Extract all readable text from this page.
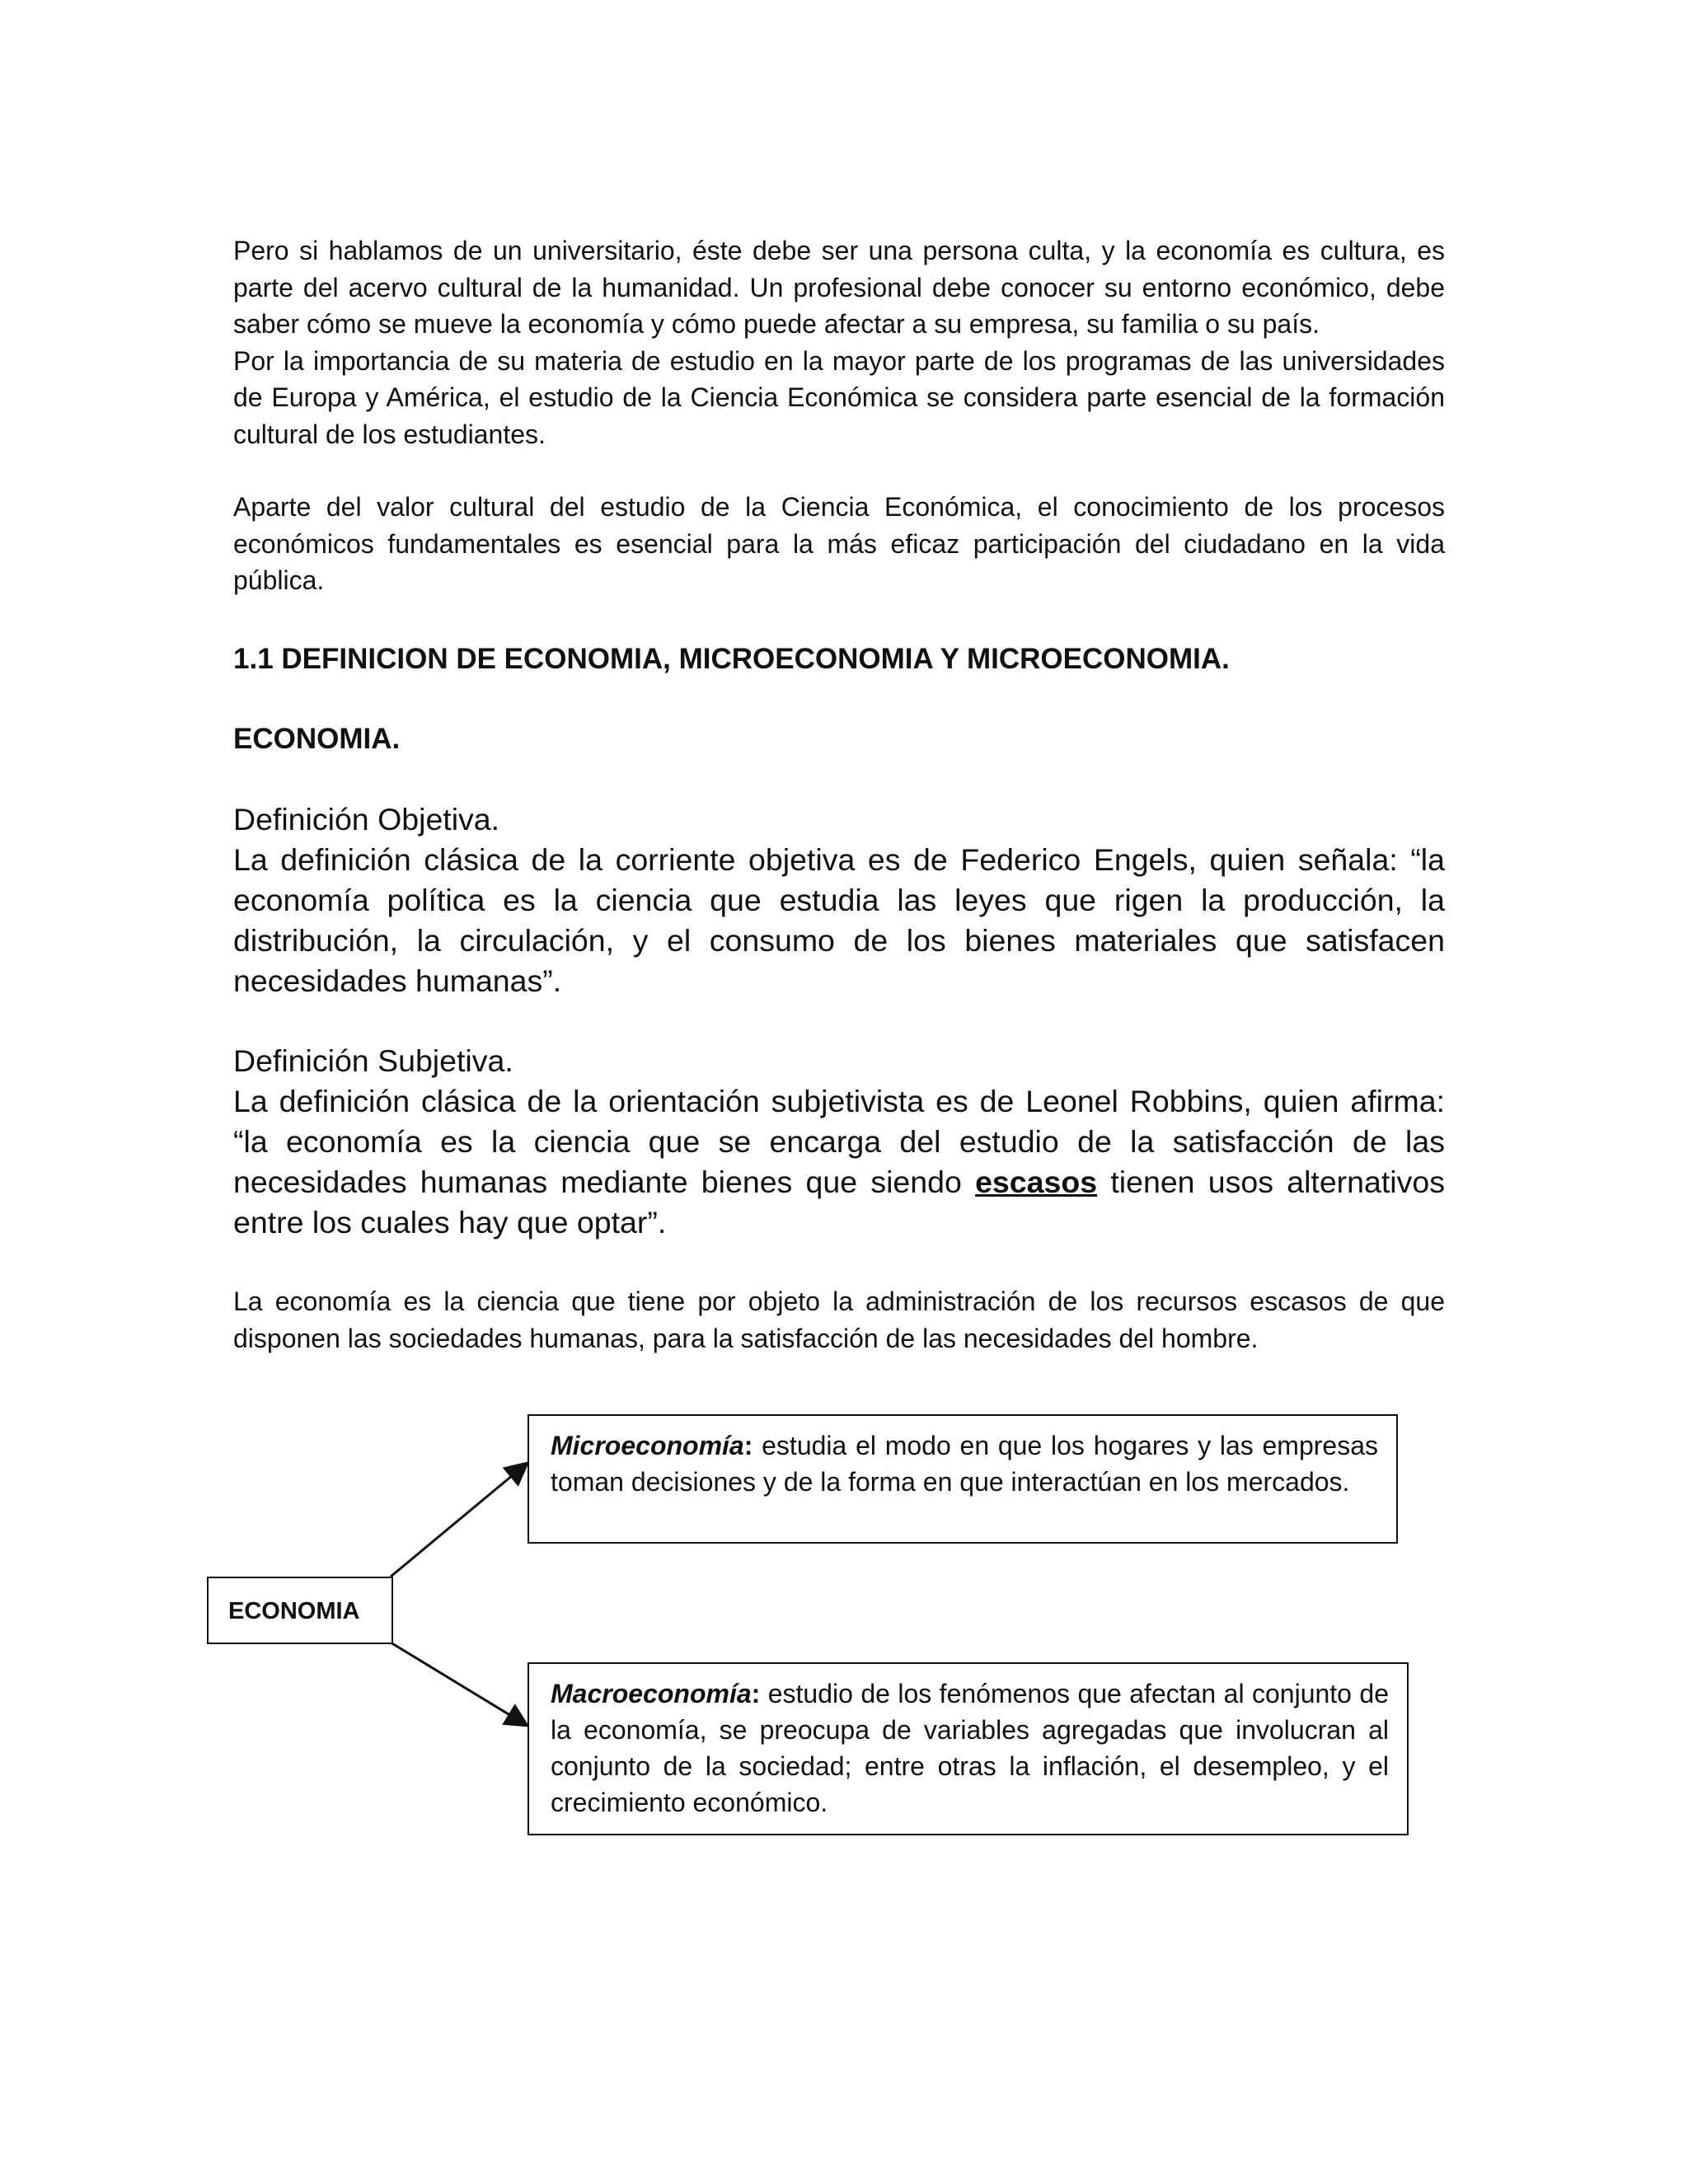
Pero si hablamos de un universitario, éste debe ser una persona culta, y la economía es cultura, es parte del acervo cultural de la humanidad. Un profesional debe conocer su entorno económico, debe saber cómo se mueve la economía y cómo puede afectar a su empresa, su familia o su país.
Por la importancia de su materia de estudio en la mayor parte de los programas de las universidades de Europa y América, el estudio de la Ciencia Económica se considera parte esencial de la formación cultural de los estudiantes.
Aparte del valor cultural del estudio de la Ciencia Económica, el conocimiento de los procesos económicos fundamentales es esencial para la más eficaz participación del ciudadano en la vida pública.
1.1 DEFINICION DE ECONOMIA, MICROECONOMIA Y MICROECONOMIA.
ECONOMIA.
Definición Objetiva.
La definición clásica de la corriente objetiva es de Federico Engels, quien señala: “la economía política es la ciencia que estudia las leyes que rigen la producción, la distribución, la circulación, y el consumo de los bienes materiales que satisfacen necesidades humanas”.
Definición Subjetiva.
La definición clásica de la orientación subjetivista es de Leonel Robbins, quien afirma: “la economía es la ciencia que se encarga del estudio de la satisfacción de las necesidades humanas mediante bienes que siendo escasos tienen usos alternativos entre los cuales hay que optar”.
La economía es la ciencia que tiene por objeto la administración de los recursos escasos de que disponen las sociedades humanas, para la satisfacción de las necesidades del hombre.
ECONOMIA
Microeconomía: estudia el modo en que los hogares y las empresas toman decisiones y de la forma en que interactúan en los mercados.
Macroeconomía: estudio de los fenómenos que afectan al conjunto de la economía, se preocupa de variables agregadas que involucran al conjunto de la sociedad; entre otras la inflación, el desempleo, y el crecimiento económico.
